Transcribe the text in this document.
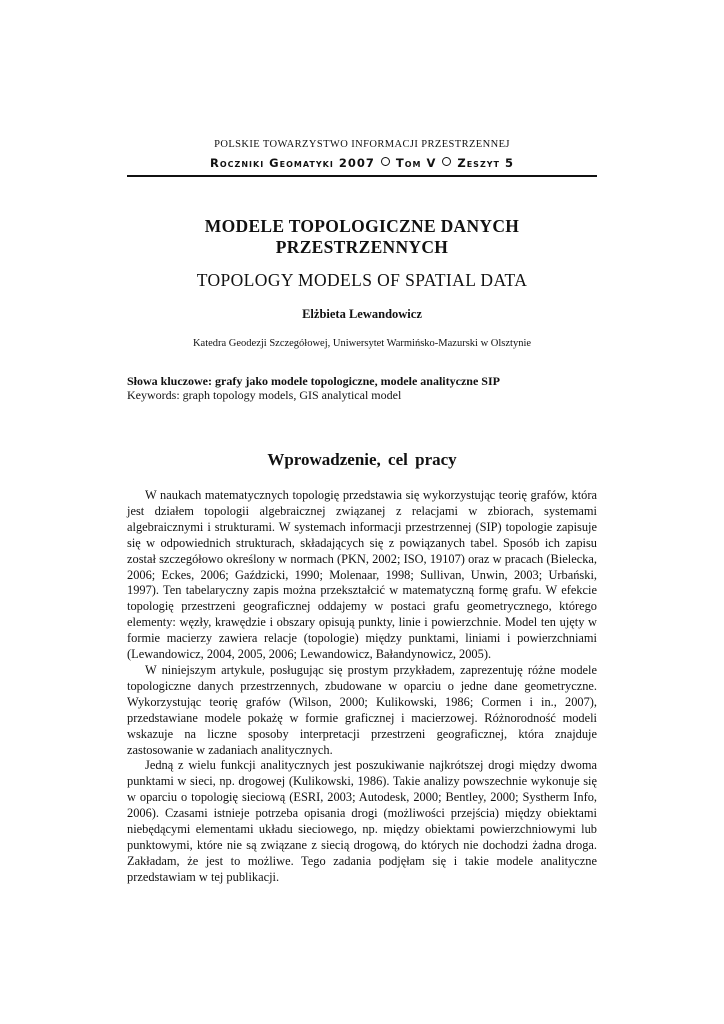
POLSKIE TOWARZYSTWO INFORMACJI PRZESTRZENNEJ
Roczniki Geomatyki 2007 Tom V Zeszyt 5
MODELE TOPOLOGICZNE DANYCH
PRZESTRZENNYCH
TOPOLOGY MODELS OF SPATIAL DATA
Elżbieta Lewandowicz
Katedra Geodezji Szczegółowej, Uniwersytet Warmińsko-Mazurski w Olsztynie
Słowa kluczowe: grafy jako modele topologiczne, modele analityczne SIP
Keywords: graph topology models, GIS analytical model
Wprowadzenie, cel pracy

W naukach matematycznych topologię przedstawia się wykorzystując teorię grafów, która jest działem topologii algebraicznej związanej z relacjami w zbiorach, systemami algebraicznymi i strukturami. W systemach informacji przestrzennej (SIP) topologie zapisuje się w odpowiednich strukturach, składających się z powiązanych tabel. Sposób ich zapisu został szczegółowo określony w normach (PKN, 2002; ISO, 19107) oraz w pracach (Bielecka, 2006; Eckes, 2006; Gaździcki, 1990; Molenaar, 1998; Sullivan, Unwin, 2003; Urbański, 1997). Ten tabelaryczny zapis można przekształcić w matematyczną formę grafu. W efekcie topologię przestrzeni geograficznej oddajemy w postaci grafu geometrycznego, którego elementy: węzły, krawędzie i obszary opisują punkty, linie i powierzchnie. Model ten ujęty w formie macierzy zawiera relacje (topologie) między punktami, liniami i powierzchniami (Lewandowicz, 2004, 2005, 2006; Lewandowicz, Bałandynowicz, 2005).

W niniejszym artykule, posługując się prostym przykładem, zaprezentuję różne modele topologiczne danych przestrzennych, zbudowane w oparciu o jedne dane geometryczne. Wykorzystując teorię grafów (Wilson, 2000; Kulikowski, 1986; Cormen i in., 2007), przedstawiane modele pokażę w formie graficznej i macierzowej. Różnorodność modeli wskazuje na liczne sposoby interpretacji przestrzeni geograficznej, która znajduje zastosowanie w zadaniach analitycznych.

Jedną z wielu funkcji analitycznych jest poszukiwanie najkrótszej drogi między dwoma punktami w sieci, np. drogowej (Kulikowski, 1986). Takie analizy powszechnie wykonuje się w oparciu o topologię sieciową (ESRI, 2003; Autodesk, 2000; Bentley, 2000; Systherm Info, 2006). Czasami istnieje potrzeba opisania drogi (możliwości przejścia) między obiektami niebędącymi elementami układu sieciowego, np. między obiektami powierzchniowymi lub punktowymi, które nie są związane z siecią drogową, do których nie dochodzi żadna droga. Zakładam, że jest to możliwe. Tego zadania podjęłam się i takie modele analityczne przedstawiam w tej publikacji.
